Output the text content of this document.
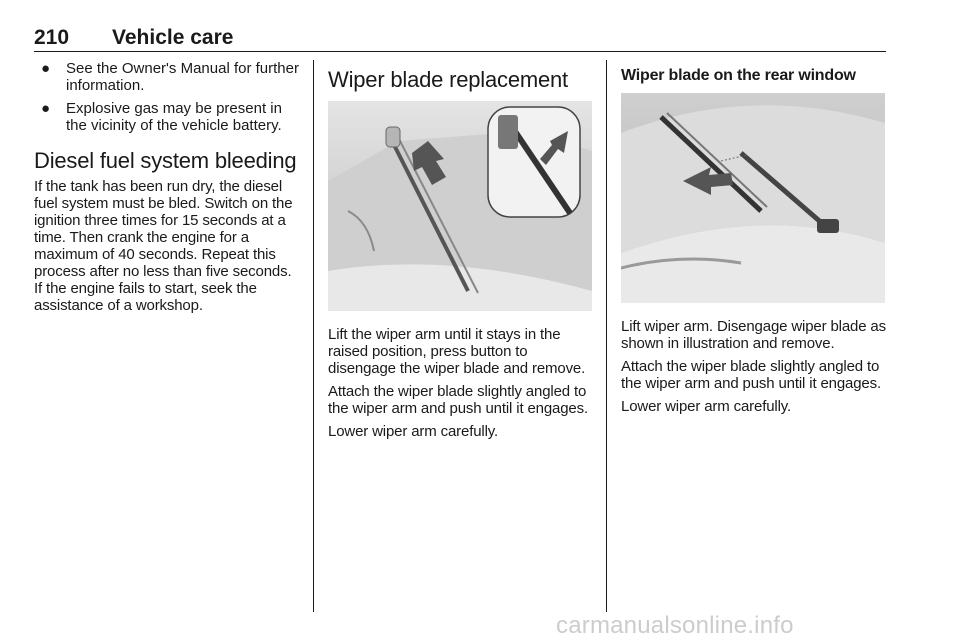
210 Vehicle care
● See the Owner's Manual for further information.
● Explosive gas may be present in the vicinity of the vehicle battery.
Diesel fuel system bleeding

If the tank has been run dry, the diesel fuel system must be bled. Switch on the ignition three times for 15 seconds at a time. Then crank the engine for a maximum of 40 seconds. Repeat this process after no less than five seconds. If the engine fails to start, seek the assistance of a workshop.

Wiper blade replacement

Lift the wiper arm until it stays in the raised position, press button to disengage the wiper blade and remove.

Attach the wiper blade slightly angled to the wiper arm and push until it engages.

Lower wiper arm carefully.

Wiper blade on the rear window

Lift wiper arm. Disengage wiper blade as shown in illustration and remove.

Attach the wiper blade slightly angled to the wiper arm and push until it engages.

Lower wiper arm carefully.

carmanualsonline.info
